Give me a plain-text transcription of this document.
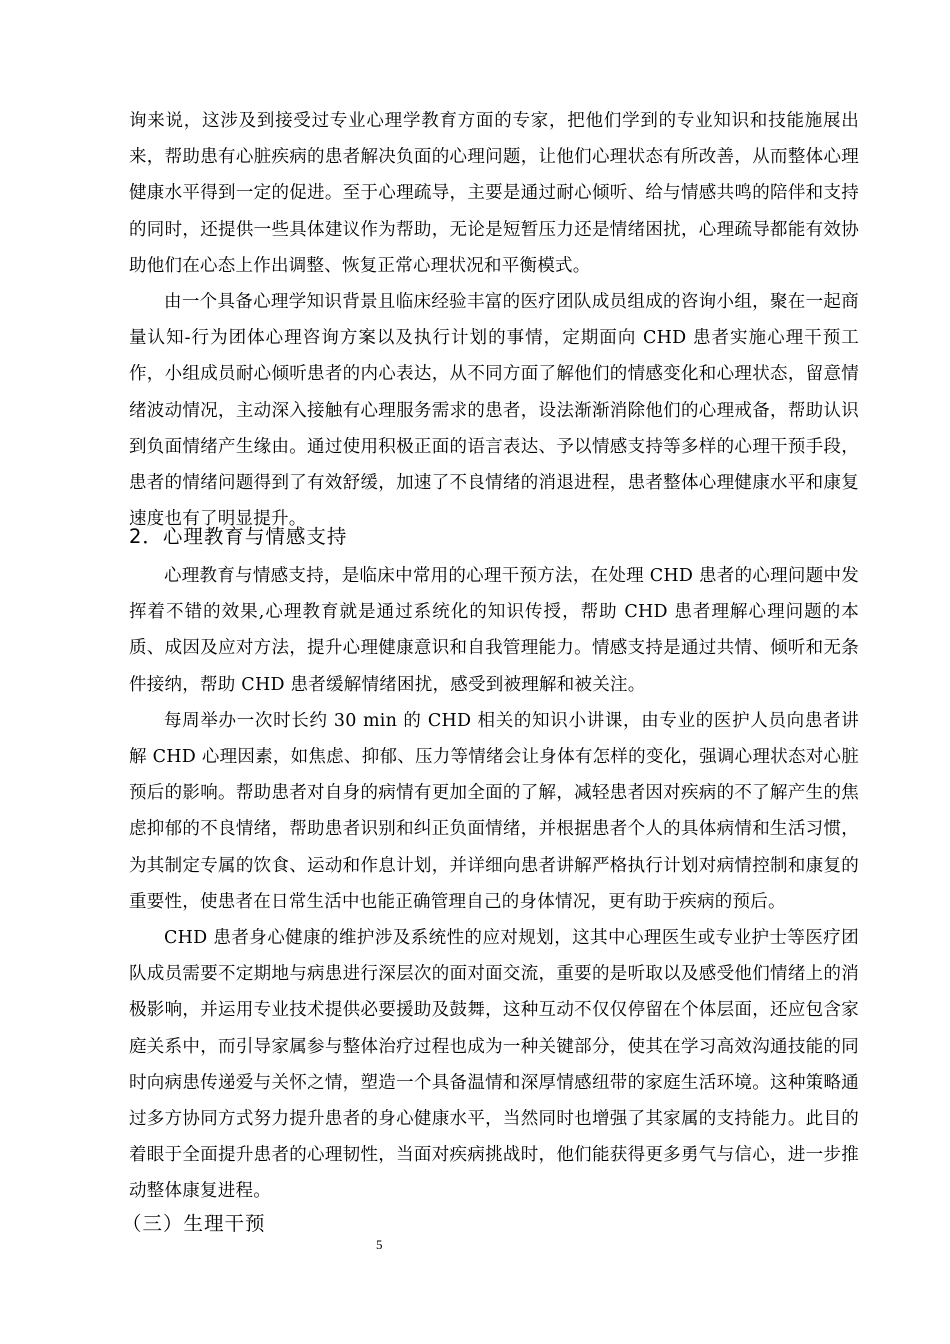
询来说，这涉及到接受过专业心理学教育方面的专家，把他们学到的专业知识和技能施展出来，帮助患有心脏疾病的患者解决负面的心理问题，让他们心理状态有所改善，从而整体心理健康水平得到一定的促进。至于心理疏导，主要是通过耐心倾听、给与情感共鸣的陪伴和支持的同时，还提供一些具体建议作为帮助，无论是短暂压力还是情绪困扰，心理疏导都能有效协助他们在心态上作出调整、恢复正常心理状况和平衡模式。

由一个具备心理学知识背景且临床经验丰富的医疗团队成员组成的咨询小组，聚在一起商量认知-行为团体心理咨询方案以及执行计划的事情，定期面向 CHD 患者实施心理干预工作，小组成员耐心倾听患者的内心表达，从不同方面了解他们的情感变化和心理状态，留意情绪波动情况，主动深入接触有心理服务需求的患者，设法渐渐消除他们的心理戒备，帮助认识到负面情绪产生缘由。通过使用积极正面的语言表达、予以情感支持等多样的心理干预手段，患者的情绪问题得到了有效舒缓，加速了不良情绪的消退进程，患者整体心理健康水平和康复速度也有了明显提升。

2．心理教育与情感支持

心理教育与情感支持，是临床中常用的心理干预方法，在处理 CHD 患者的心理问题中发挥着不错的效果,心理教育就是通过系统化的知识传授，帮助 CHD 患者理解心理问题的本质、成因及应对方法，提升心理健康意识和自我管理能力。情感支持是通过共情、倾听和无条件接纳，帮助 CHD 患者缓解情绪困扰，感受到被理解和被关注。

每周举办一次时长约 30 min 的 CHD 相关的知识小讲课，由专业的医护人员向患者讲解 CHD 心理因素，如焦虑、抑郁、压力等情绪会让身体有怎样的变化，强调心理状态对心脏预后的影响。帮助患者对自身的病情有更加全面的了解，减轻患者因对疾病的不了解产生的焦虑抑郁的不良情绪，帮助患者识别和纠正负面情绪，并根据患者个人的具体病情和生活习惯，为其制定专属的饮食、运动和作息计划，并详细向患者讲解严格执行计划对病情控制和康复的重要性，使患者在日常生活中也能正确管理自己的身体情况，更有助于疾病的预后。

CHD 患者身心健康的维护涉及系统性的应对规划，这其中心理医生或专业护士等医疗团队成员需要不定期地与病患进行深层次的面对面交流，重要的是听取以及感受他们情绪上的消极影响，并运用专业技术提供必要援助及鼓舞，这种互动不仅仅停留在个体层面，还应包含家庭关系中，而引导家属参与整体治疗过程也成为一种关键部分，使其在学习高效沟通技能的同时向病患传递爱与关怀之情，塑造一个具备温情和深厚情感纽带的家庭生活环境。这种策略通过多方协同方式努力提升患者的身心健康水平，当然同时也增强了其家属的支持能力。此目的着眼于全面提升患者的心理韧性，当面对疾病挑战时，他们能获得更多勇气与信心，进一步推动整体康复进程。

（三）生理干预
5
